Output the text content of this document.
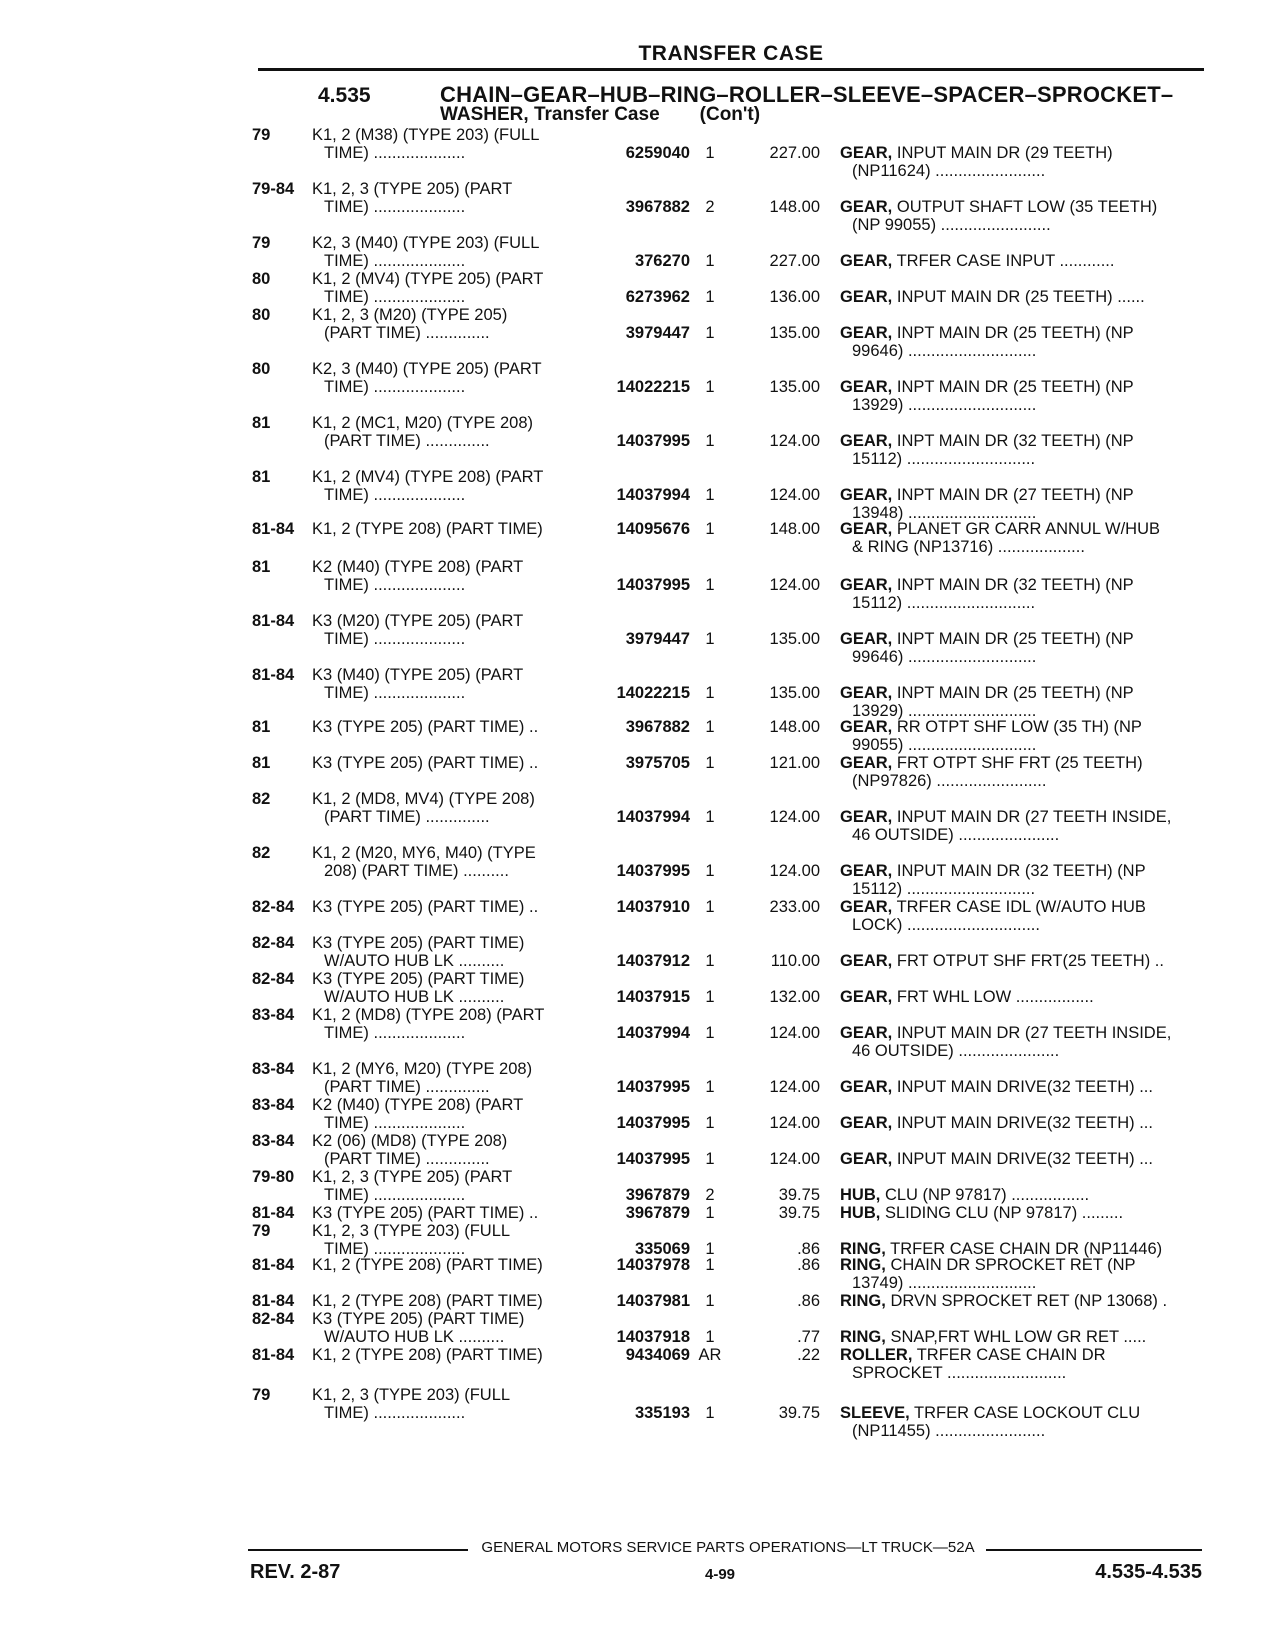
TRANSFER CASE
4.535	CHAIN–GEAR–HUB–RING–ROLLER–SLEEVE–SPACER–SPROCKET–
WASHER, Transfer Case (Con't)
79	K1, 2 (M38) (TYPE 203) (FULL
TIME) ....................	6259040 1	227.00 GEAR, INPUT MAIN DR (29 TEETH)
(NP11624) ........................
79-84	K1, 2, 3 (TYPE 205) (PART
TIME) ....................	3967882 2	148.00 GEAR, OUTPUT SHAFT LOW (35 TEETH)
(NP 99055) ........................
79	K2, 3 (M40) (TYPE 203) (FULL
TIME) ....................	376270 1	227.00 GEAR, TRFER CASE INPUT ............
80	K1, 2 (MV4) (TYPE 205) (PART
TIME) ....................	6273962 1	136.00 GEAR, INPUT MAIN DR (25 TEETH) ......
80	K1, 2, 3 (M20) (TYPE 205)
(PART TIME) ..............	3979447 1	135.00 GEAR, INPT MAIN DR (25 TEETH) (NP
99646) ............................
80	K2, 3 (M40) (TYPE 205) (PART
TIME) ....................	14022215 1	135.00 GEAR, INPT MAIN DR (25 TEETH) (NP
13929) ............................
81	K1, 2 (MC1, M20) (TYPE 208)
(PART TIME) ..............	14037995 1	124.00 GEAR, INPT MAIN DR (32 TEETH) (NP
15112) ............................
81	K1, 2 (MV4) (TYPE 208) (PART
TIME) ....................	14037994 1	124.00 GEAR, INPT MAIN DR (27 TEETH) (NP
13948) ............................
81-84	K1, 2 (TYPE 208) (PART TIME)	14095676 1	148.00 GEAR, PLANET GR CARR ANNUL W/HUB
& RING (NP13716) ...................
81	K2 (M40) (TYPE 208) (PART
TIME) ....................	14037995 1	124.00 GEAR, INPT MAIN DR (32 TEETH) (NP
15112) ............................
81-84	K3 (M20) (TYPE 205) (PART
TIME) ....................	3979447 1	135.00 GEAR, INPT MAIN DR (25 TEETH) (NP
99646) ............................
81-84	K3 (M40) (TYPE 205) (PART
TIME) ....................	14022215 1	135.00 GEAR, INPT MAIN DR (25 TEETH) (NP
13929) ............................
81	K3 (TYPE 205) (PART TIME) ..	3967882 1	148.00 GEAR, RR OTPT SHF LOW (35 TH) (NP
99055) ............................
81	K3 (TYPE 205) (PART TIME) ..	3975705 1	121.00 GEAR, FRT OTPT SHF FRT (25 TEETH)
(NP97826) ........................
82	K1, 2 (MD8, MV4) (TYPE 208)
(PART TIME) ..............	14037994 1	124.00 GEAR, INPUT MAIN DR (27 TEETH INSIDE,
46 OUTSIDE) ......................
82	K1, 2 (M20, MY6, M40) (TYPE
208) (PART TIME) ..........	14037995 1	124.00 GEAR, INPUT MAIN DR (32 TEETH) (NP
15112) ............................
82-84	K3 (TYPE 205) (PART TIME) ..	14037910 1	233.00 GEAR, TRFER CASE IDL (W/AUTO HUB
LOCK) .............................
82-84	K3 (TYPE 205) (PART TIME)
W/AUTO HUB LK ..........	14037912 1	110.00 GEAR, FRT OTPUT SHF FRT(25 TEETH) ..
82-84	K3 (TYPE 205) (PART TIME)
W/AUTO HUB LK ..........	14037915 1	132.00 GEAR, FRT WHL LOW .................
83-84	K1, 2 (MD8) (TYPE 208) (PART
TIME) ....................	14037994 1	124.00 GEAR, INPUT MAIN DR (27 TEETH INSIDE,
46 OUTSIDE) ......................
83-84	K1, 2 (MY6, M20) (TYPE 208)
(PART TIME) ..............	14037995 1	124.00 GEAR, INPUT MAIN DRIVE(32 TEETH) ...
83-84	K2 (M40) (TYPE 208) (PART
TIME) ....................	14037995 1	124.00 GEAR, INPUT MAIN DRIVE(32 TEETH) ...
83-84	K2 (06) (MD8) (TYPE 208)
(PART TIME) ..............	14037995 1	124.00 GEAR, INPUT MAIN DRIVE(32 TEETH) ...
79-80	K1, 2, 3 (TYPE 205) (PART
TIME) ....................	3967879 2	39.75 HUB, CLU (NP 97817) .................
81-84	K3 (TYPE 205) (PART TIME) ..	3967879 1	39.75 HUB, SLIDING CLU (NP 97817) .........
79	K1, 2, 3 (TYPE 203) (FULL
TIME) ....................	335069 1	.86 RING, TRFER CASE CHAIN DR (NP11446)
81-84	K1, 2 (TYPE 208) (PART TIME)	14037978 1	.86 RING, CHAIN DR SPROCKET RET (NP
13749) ............................
81-84	K1, 2 (TYPE 208) (PART TIME)	14037981 1	.86 RING, DRVN SPROCKET RET (NP 13068) .
82-84	K3 (TYPE 205) (PART TIME)
W/AUTO HUB LK ..........	14037918 1	.77 RING, SNAP,FRT WHL LOW GR RET .....
81-84	K1, 2 (TYPE 208) (PART TIME)	9434069 AR	.22 ROLLER, TRFER CASE CHAIN DR
SPROCKET ..........................
79	K1, 2, 3 (TYPE 203) (FULL
TIME) ....................	335193 1	39.75 SLEEVE, TRFER CASE LOCKOUT CLU
(NP11455) ........................
GENERAL MOTORS SERVICE PARTS OPERATIONS—LT TRUCK—52A
REV. 2-87	4-99	4.535-4.535
